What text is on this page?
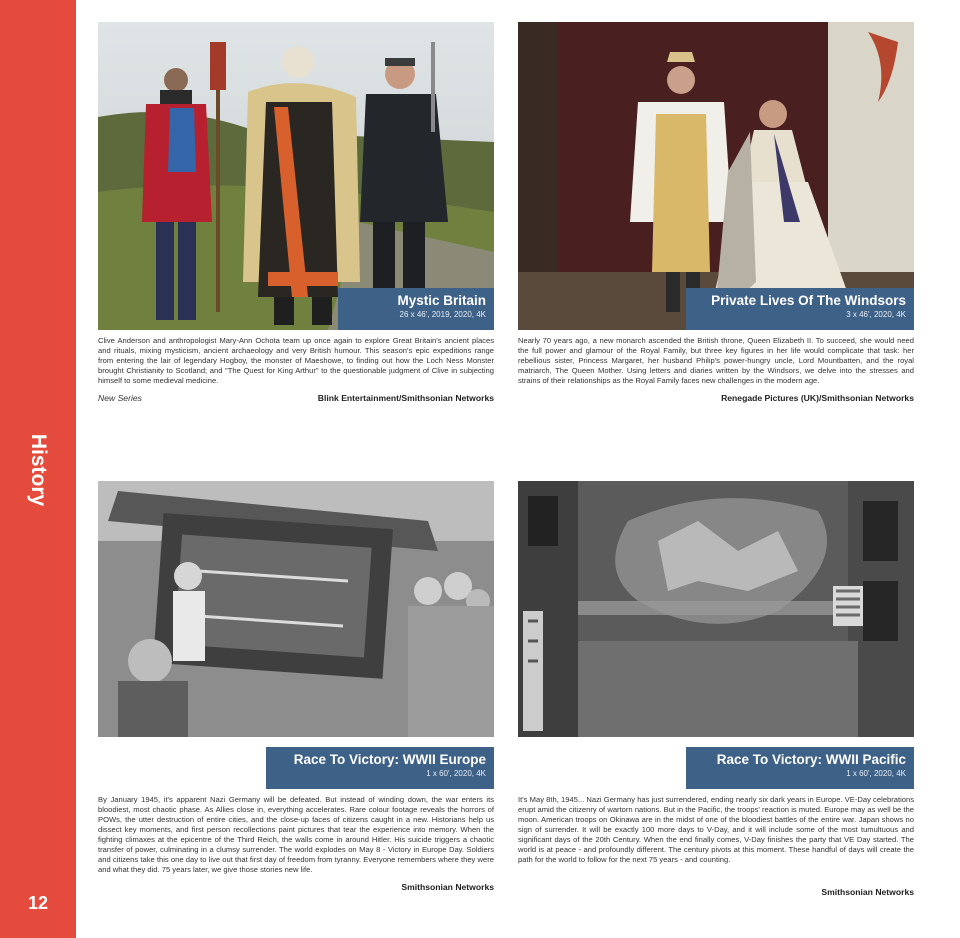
History
12
Mystic Britain
26 x 46', 2019, 2020, 4K
Clive Anderson and anthropologist Mary-Ann Ochota team up once again to explore Great Britain's ancient places and rituals, mixing mysticism, ancient archaeology and very British humour. This season's epic expeditions range from entering the lair of legendary Hogboy, the monster of Maeshowe, to finding out how the Loch Ness Monster brought Christianity to Scotland; and "The Quest for King Arthur" to the questionable judgment of Clive in subjecting himself to some medieval medicine.
New Series	Blink Entertainment/Smithsonian Networks
Private Lives Of The Windsors
3 x 46', 2020, 4K
Nearly 70 years ago, a new monarch ascended the British throne, Queen Elizabeth II. To succeed, she would need the full power and glamour of the Royal Family, but three key figures in her life would complicate that task: her rebellious sister, Princess Margaret, her husband Philip's power-hungry uncle, Lord Mountbatten, and the royal matriarch, The Queen Mother. Using letters and diaries written by the Windsors, we delve into the stresses and strains of their relationships as the Royal Family faces new challenges in the modern age.
Renegade Pictures (UK)/Smithsonian Networks
Race To Victory: WWII Europe
1 x 60', 2020, 4K
By January 1945, it's apparent Nazi Germany will be defeated. But instead of winding down, the war enters its bloodiest, most chaotic phase. As Allies close in, everything accelerates. Rare colour footage reveals the horrors of POWs, the utter destruction of entire cities, and the close-up faces of citizens caught in a new. Historians help us dissect key moments, and first person recollections paint pictures that tear the experience into memory. When the fighting climaxes at the epicentre of the Third Reich, the walls come in around Hitler. His suicide triggers a chaotic transfer of power, culminating in a clumsy surrender. The world explodes on May 8 - Victory in Europe Day. Soldiers and citizens take this one day to live out that first day of freedom from tyranny. Everyone remembers where they were and what they did. 75 years later, we give those stories new life.
Smithsonian Networks
Race To Victory: WWII Pacific
1 x 60', 2020, 4K
It's May 8th, 1945... Nazi Germany has just surrendered, ending nearly six dark years in Europe. VE-Day celebrations erupt amid the citizenry of wartorn nations. But in the Pacific, the troops' reaction is muted. Europe may as well be the moon. American troops on Okinawa are in the midst of one of the bloodiest battles of the entire war. Japan shows no sign of surrender. It will be exactly 100 more days to V-Day, and it will include some of the most tumultuous and significant days of the 20th Century. When the end finally comes, V-Day finishes the party that VE Day started. The world is at peace - and profoundly different. The century pivots at this moment. These handful of days will create the path for the world to follow for the next 75 years - and counting.
Smithsonian Networks
